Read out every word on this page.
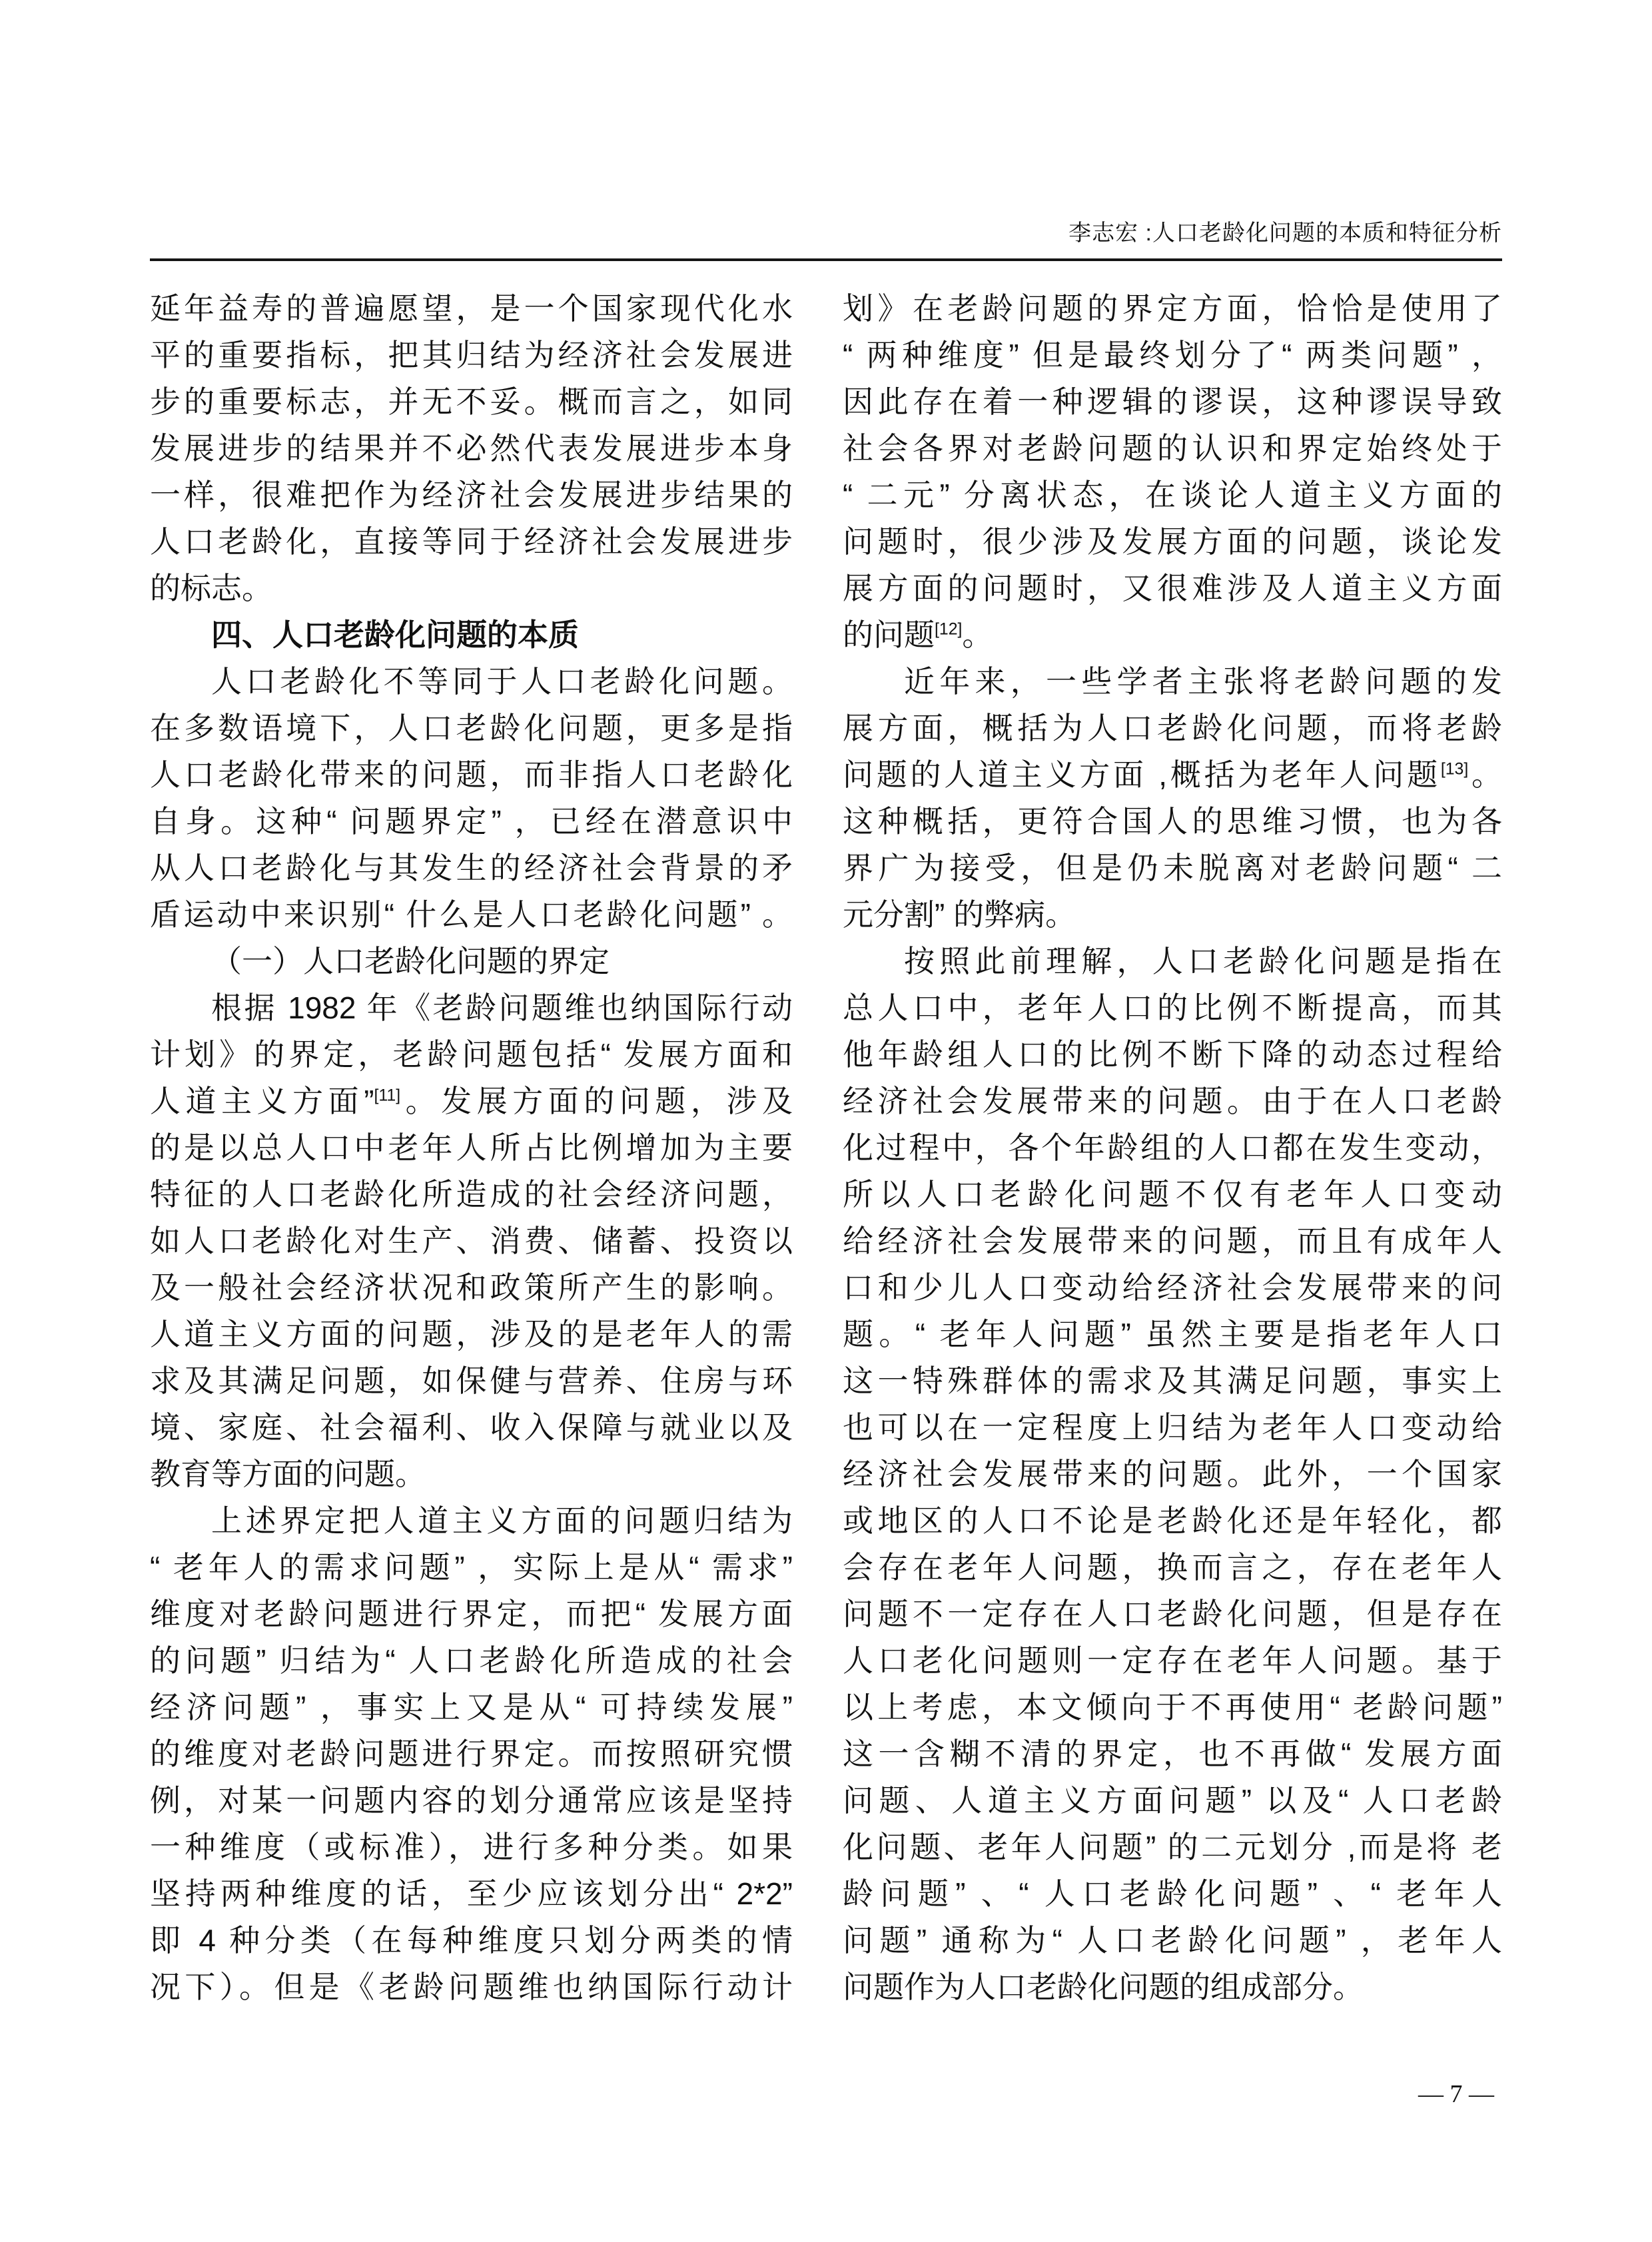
李志宏 :人口老龄化问题的本质和特征分析
延年益寿的普遍愿望，是一个国家现代化水
平的重要指标，把其归结为经济社会发展进
步的重要标志，并无不妥。概而言之，如同
发展进步的结果并不必然代表发展进步本身
一样，很难把作为经济社会发展进步结果的
人口老龄化，直接等同于经济社会发展进步
的标志。
四、人口老龄化问题的本质
人口老龄化不等同于人口老龄化问题。
在多数语境下，人口老龄化问题，更多是指
人口老龄化带来的问题，而非指人口老龄化
自身。这种“ 问题界定” ，已经在潜意识中
从人口老龄化与其发生的经济社会背景的矛
盾运动中来识别“ 什么是人口老龄化问题” 。
（一）人口老龄化问题的界定
根据 1982 年《老龄问题维也纳国际行动
计划》的界定，老龄问题包括“ 发展方面和
人道主义方面”[11]。发展方面的问题，涉及
的是以总人口中老年人所占比例增加为主要
特征的人口老龄化所造成的社会经济问题，
如人口老龄化对生产、消费、储蓄、投资以
及一般社会经济状况和政策所产生的影响。
人道主义方面的问题，涉及的是老年人的需
求及其满足问题，如保健与营养、住房与环
境、家庭、社会福利、收入保障与就业以及
教育等方面的问题。
上述界定把人道主义方面的问题归结为
“ 老年人的需求问题” ，实际上是从“ 需求”
维度对老龄问题进行界定，而把“ 发展方面
的问题” 归结为“ 人口老龄化所造成的社会
经济问题” ，事实上又是从“ 可持续发展”
的维度对老龄问题进行界定。而按照研究惯
例，对某一问题内容的划分通常应该是坚持
一种维度（或标准），进行多种分类。如果
坚持两种维度的话，至少应该划分出“ 2*2”
即 4 种分类（在每种维度只划分两类的情
况下）。但是《老龄问题维也纳国际行动计
划》在老龄问题的界定方面，恰恰是使用了
“ 两种维度” 但是最终划分了“ 两类问题” ，
因此存在着一种逻辑的谬误，这种谬误导致
社会各界对老龄问题的认识和界定始终处于
“ 二元” 分离状态，在谈论人道主义方面的
问题时，很少涉及发展方面的问题，谈论发
展方面的问题时，又很难涉及人道主义方面
的问题[12]。
近年来，一些学者主张将老龄问题的发
展方面，概括为人口老龄化问题，而将老龄
问题的人道主义方面 ,概括为老年人问题[13]。
这种概括，更符合国人的思维习惯，也为各
界广为接受，但是仍未脱离对老龄问题“ 二
元分割” 的弊病。
按照此前理解，人口老龄化问题是指在
总人口中，老年人口的比例不断提高，而其
他年龄组人口的比例不断下降的动态过程给
经济社会发展带来的问题。由于在人口老龄
化过程中，各个年龄组的人口都在发生变动，
所以人口老龄化问题不仅有老年人口变动
给经济社会发展带来的问题，而且有成年人
口和少儿人口变动给经济社会发展带来的问
题。“ 老年人问题” 虽然主要是指老年人口
这一特殊群体的需求及其满足问题，事实上
也可以在一定程度上归结为老年人口变动给
经济社会发展带来的问题。此外，一个国家
或地区的人口不论是老龄化还是年轻化，都
会存在老年人问题，换而言之，存在老年人
问题不一定存在人口老龄化问题，但是存在
人口老化问题则一定存在老年人问题。基于
以上考虑，本文倾向于不再使用“ 老龄问题”
这一含糊不清的界定，也不再做“ 发展方面
问题、人道主义方面问题” 以及“ 人口老龄
化问题、老年人问题” 的二元划分 ,而是将 老
龄问题” 、“ 人口老龄化问题” 、“ 老年人
问题” 通称为“ 人口老龄化问题” ，老年人
问题作为人口老龄化问题的组成部分。
— 7 —
